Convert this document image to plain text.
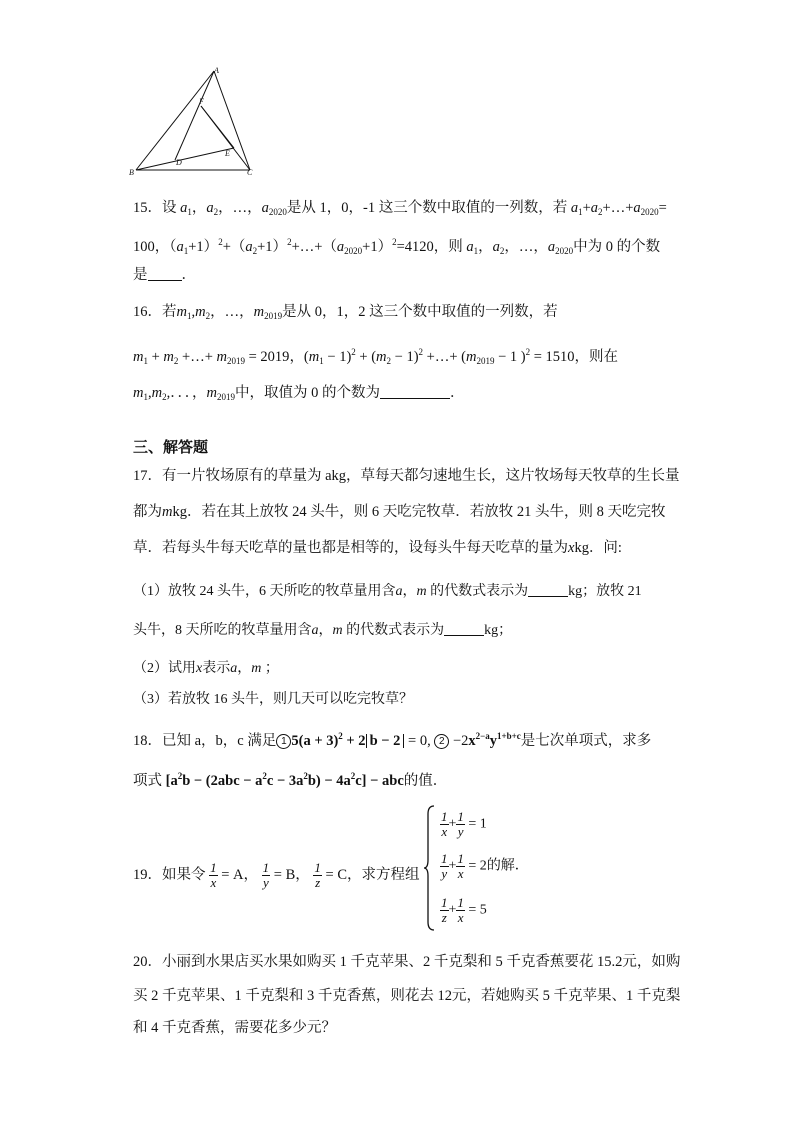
A
B	C
D
E
F
15．设 $a_1$，$a_2$，…，$a_{2020}$是从 1，0，-1 这三个数中取值的一列数，若 $a_1+a_2+\dots+a_{2020}=$
100，$(a_1+1)^2+(a_2+1)^2+\dots+(a_{2020}+1)^2=4120$，则 $a_1$，$a_2$，…，$a_{2020}$中为 0 的个数
是 ．
16．若$m_1,m_2$，…，$m_{2019}$是从 0，1，2 这三个数中取值的一列数，若
$m_1 + m_2$ +…+ $m_{2019} = 2019$，$(m_1 - 1)^2 + (m_2 - 1)^2$ +…+ ($m_{2019} - 1$ )$^2$ = 1510，则在
$m_1,m_2$,．．．，$m_{2019}$中，取值为 0 的个数为	．
三、解答题
17．有一片牧场原有的草量为 akg，草每天都匀速地生长，这片牧场每天牧草的生长量
都为mkg．若在其上放牧 24 头牛，则 6 天吃完牧草．若放牧 21 头牛，则 8 天吃完牧
草．若每头牛每天吃草的量也都是相等的，设每头牛每天吃草的量为xkg．问:
（1）放牧 24 头牛，6 天所吃的牧草量用含a，m 的代数式表示为	kg；放牧 21
头牛，8 天所吃的牧草量用含a，m 的代数式表示为	kg；
（2）试用x表示a，m ；
（3）若放牧 16 头牛，则几天可以吃完牧草？
18．已知 a，b，c 满足 1 $5(a + 3)^2 + 2$ b − 2 = 0, $2 -2x^{2-a}y^{1+b+c}$是七次单项式，求多
项式 $[a^2b - (2abc - a^2c - 3a^2b) - 4a^2c]$ − abc的值．
19．如果令 $\frac{1}{x} = A$， $\frac{1}{y} = B$， $\frac{1}{z} = C$，求方程组
$\frac{1}{x} + \frac{1}{y} = 1$
$\frac{1}{y} + \frac{1}{x} = 2$的解．
$\frac{1}{z} + \frac{1}{x} = 5$
20．小丽到水果店买水果如购买 1 千克苹果、2 千克梨和 5 千克香蕉要花 15.2元，如购
买 2 千克苹果、1 千克梨和 3 千克香蕉，则花去 12元，若她购买 5 千克苹果、1 千克梨
和 4 千克香蕉，需要花多少元？
